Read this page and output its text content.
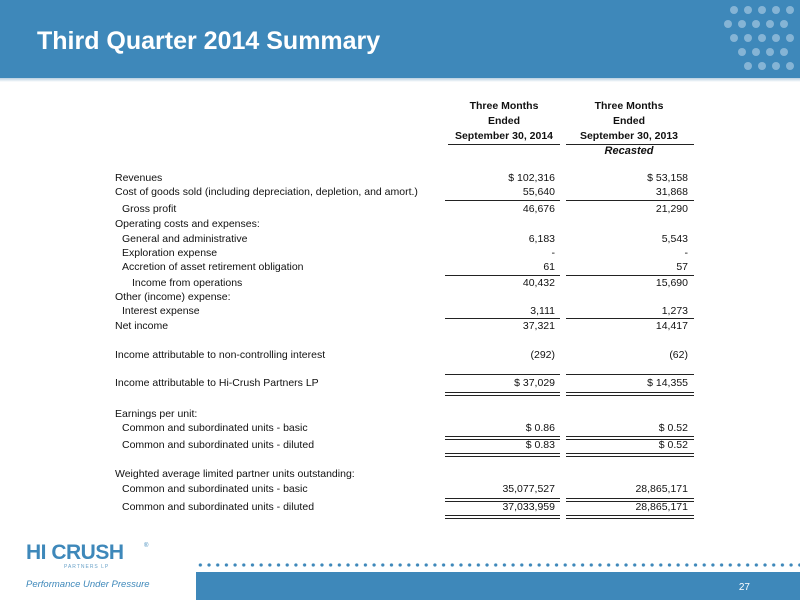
Third Quarter 2014 Summary
Three Months
Ended
September 30, 2014
Three Months
Ended
September 30, 2013
Recasted
Revenues	$ 102,316	$ 53,158
Cost of goods sold (including depreciation, depletion, and amort.)	55,640	31,868
Gross profit	46,676	21,290
Operating costs and expenses:
General and administrative	6,183	5,543
Exploration expense	-	-
Accretion of asset retirement obligation	61	57
Income from operations	40,432	15,690
Other (income) expense:
Interest expense	3,111	1,273
Net income	37,321	14,417
Income attributable to non-controlling interest	(292)	(62)
Income attributable to Hi-Crush Partners LP	$ 37,029	$ 14,355
Earnings per unit:
Common and subordinated units - basic	$ 0.86	$ 0.52
Common and subordinated units - diluted	$ 0.83	$ 0.52
Weighted average limited partner units outstanding:
Common and subordinated units - basic	35,077,527	28,865,171
Common and subordinated units - diluted	37,033,959	28,865,171
HI CRUSH	®
PARTNERS LP
Performance Under Pressure	27
